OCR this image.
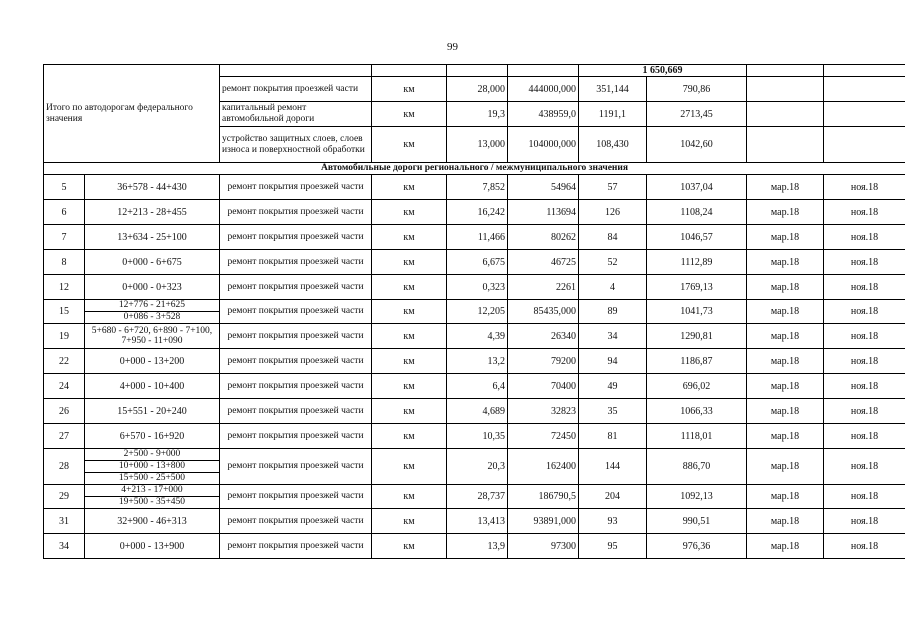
99
Итого по автодорогам федерального значения						1 650,669			
		ремонт покрытия проезжей части	км	28,000	444000,000	351,144	790,86		
		капитальный ремонт автомобильной дороги	км	19,3	438959,0	1191,1	2713,45		
		устройство защитных слоев, слоев износа и поверхностной обработки	км	13,000	104000,000	108,430	1042,60		
Автомобильные дороги регионального / межмуниципального значения									
5	36+578 - 44+430	ремонт покрытия проезжей части	км	7,852	54964	57	1037,04	мар.18	ноя.18
6	12+213 - 28+455	ремонт покрытия проезжей части	км	16,242	113694	126	1108,24	мар.18	ноя.18
7	13+634 - 25+100	ремонт покрытия проезжей части	км	11,466	80262	84	1046,57	мар.18	ноя.18
8	0+000 - 6+675	ремонт покрытия проезжей части	км	6,675	46725	52	1112,89	мар.18	ноя.18
12	0+000 - 0+323	ремонт покрытия проезжей части	км	0,323	2261	4	1769,13	мар.18	ноя.18
15	12+776 - 21+625	ремонт покрытия проезжей части	км	12,205	85435,000	89	1041,73	мар.18	ноя.18
	0+086 - 3+528								
19	5+680 - 6+720, 6+890 - 7+100, 7+950 - 11+090	ремонт покрытия проезжей части	км	4,39	26340	34	1290,81	мар.18	ноя.18
22	0+000 - 13+200	ремонт покрытия проезжей части	км	13,2	79200	94	1186,87	мар.18	ноя.18
24	4+000 - 10+400	ремонт покрытия проезжей части	км	6,4	70400	49	696,02	мар.18	ноя.18
26	15+551 - 20+240	ремонт покрытия проезжей части	км	4,689	32823	35	1066,33	мар.18	ноя.18
27	6+570 - 16+920	ремонт покрытия проезжей части	км	10,35	72450	81	1118,01	мар.18	ноя.18
28	2+500 - 9+000	ремонт покрытия проезжей части	км	20,3	162400	144	886,70	мар.18	ноя.18
	10+000 - 13+800								
	15+500 - 25+500								
29	4+213 - 17+000	ремонт покрытия проезжей части	км	28,737	186790,5	204	1092,13	мар.18	ноя.18
	19+500 - 35+450								
31	32+900 - 46+313	ремонт покрытия проезжей части	км	13,413	93891,000	93	990,51	мар.18	ноя.18
34	0+000 - 13+900	ремонт покрытия проезжей части	км	13,9	97300	95	976,36	мар.18	ноя.18
